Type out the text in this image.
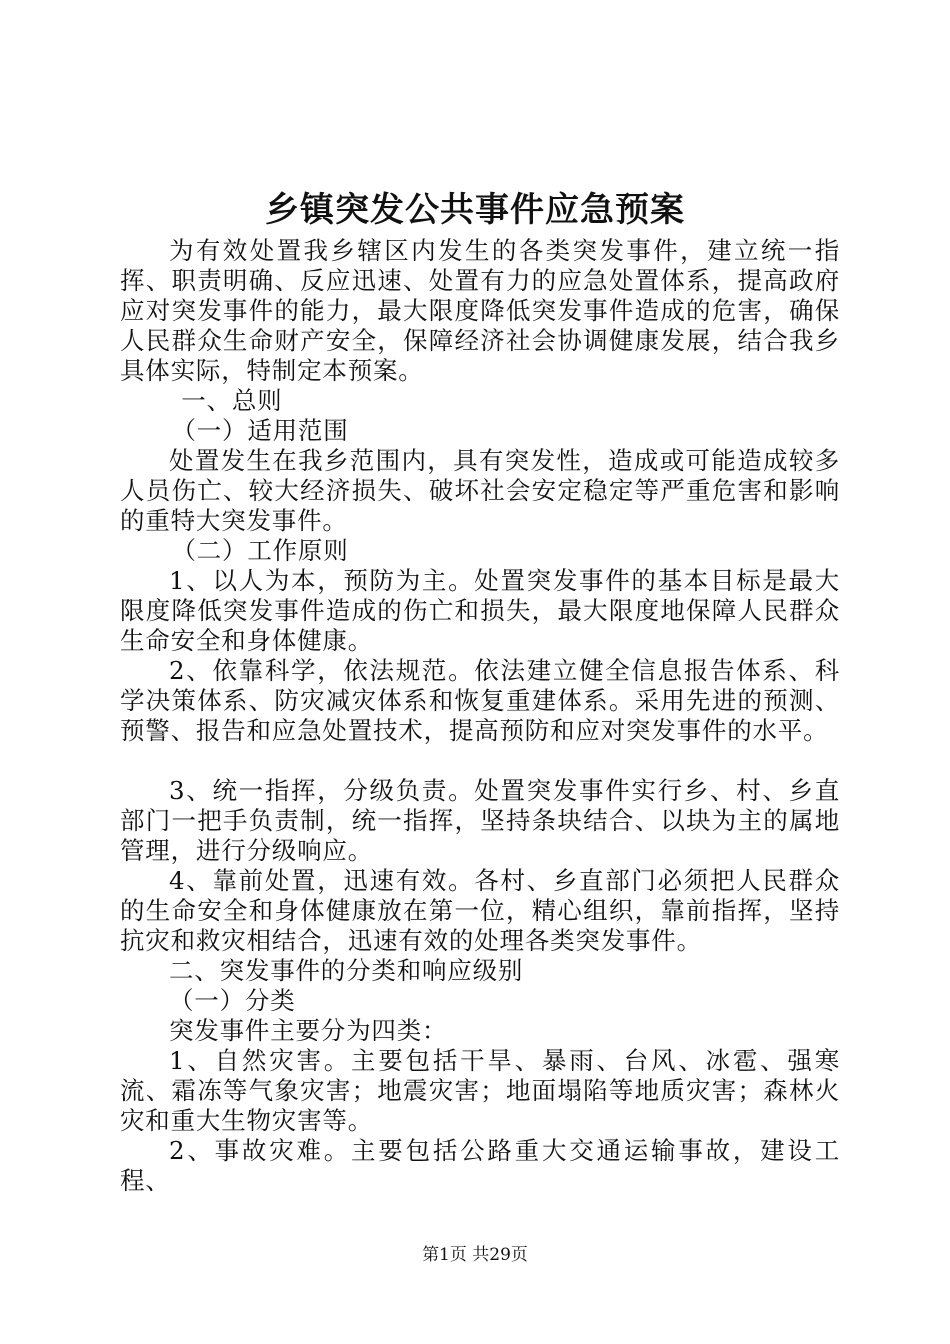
乡镇突发公共事件应急预案

为有效处置我乡辖区内发生的各类突发事件，建立统一指挥、职责明确、反应迅速、处置有力的应急处置体系，提高政府应对突发事件的能力，最大限度降低突发事件造成的危害，确保人民群众生命财产安全，保障经济社会协调健康发展，结合我乡具体实际，特制定本预案。

一、总则

（一）适用范围

处置发生在我乡范围内，具有突发性，造成或可能造成较多人员伤亡、较大经济损失、破坏社会安定稳定等严重危害和影响的重特大突发事件。

（二）工作原则

1、以人为本，预防为主。处置突发事件的基本目标是最大限度降低突发事件造成的伤亡和损失，最大限度地保障人民群众生命安全和身体健康。

2、依靠科学，依法规范。依法建立健全信息报告体系、科学决策体系、防灾减灾体系和恢复重建体系。采用先进的预测、预警、报告和应急处置技术，提高预防和应对突发事件的水平。

3、统一指挥，分级负责。处置突发事件实行乡、村、乡直部门一把手负责制，统一指挥，坚持条块结合、以块为主的属地管理，进行分级响应。

4、靠前处置，迅速有效。各村、乡直部门必须把人民群众的生命安全和身体健康放在第一位，精心组织，靠前指挥，坚持抗灾和救灾相结合，迅速有效的处理各类突发事件。

二、突发事件的分类和响应级别

（一）分类

突发事件主要分为四类：

1、自然灾害。主要包括干旱、暴雨、台风、冰雹、强寒流、霜冻等气象灾害；地震灾害；地面塌陷等地质灾害；森林火灾和重大生物灾害等。

2、事故灾难。主要包括公路重大交通运输事故，建设工程、

第1页 共29页
